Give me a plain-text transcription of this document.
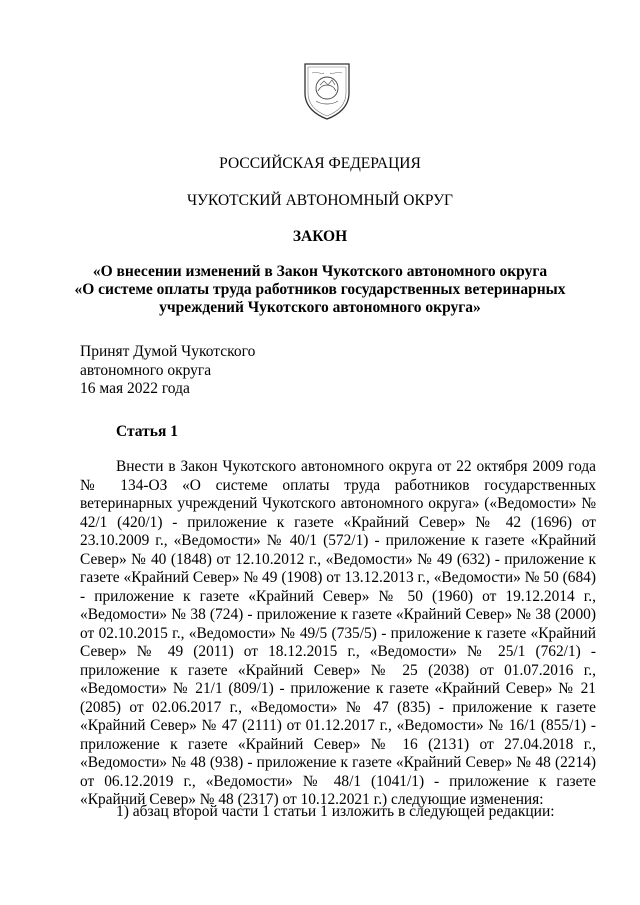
РОССИЙСКАЯ ФЕДЕРАЦИЯ
ЧУКОТСКИЙ АВТОНОМНЫЙ ОКРУГ
ЗАКОН
«О внесении изменений в Закон Чукотского автономного округа
«О системе оплаты труда работников государственных ветеринарных
учреждений Чукотского автономного округа»
Принят Думой Чукотского
автономного округа
16 мая 2022 года
Статья 1
Внести в Закон Чукотского автономного округа от 22 октября 2009 года № 134-ОЗ «О системе оплаты труда работников государственных ветеринарных учреждений Чукотского автономного округа» («Ведомости» № 42/1 (420/1) - приложение к газете «Крайний Север» № 42 (1696) от 23.10.2009 г., «Ведомости» № 40/1 (572/1) - приложение к газете «Крайний Север» № 40 (1848) от 12.10.2012 г., «Ведомости» № 49 (632) - приложение к газете «Крайний Север» № 49 (1908) от 13.12.2013 г., «Ведомости» № 50 (684) - приложение к газете «Крайний Север» № 50 (1960) от 19.12.2014 г., «Ведомости» № 38 (724) - приложение к газете «Крайний Север» № 38 (2000) от 02.10.2015 г., «Ведомости» № 49/5 (735/5) - приложение к газете «Крайний Север» № 49 (2011) от 18.12.2015 г., «Ведомости» № 25/1 (762/1) - приложение к газете «Крайний Север» № 25 (2038) от 01.07.2016 г., «Ведомости» № 21/1 (809/1) - приложение к газете «Крайний Север» № 21 (2085) от 02.06.2017 г., «Ведомости» № 47 (835) - приложение к газете «Крайний Север» № 47 (2111) от 01.12.2017 г., «Ведомости» № 16/1 (855/1) - приложение к газете «Крайний Север» № 16 (2131) от 27.04.2018 г., «Ведомости» № 48 (938) - приложение к газете «Крайний Север» № 48 (2214) от 06.12.2019 г., «Ведомости» № 48/1 (1041/1) - приложение к газете «Крайний Север» № 48 (2317) от 10.12.2021 г.) следующие изменения:
1) абзац второй части 1 статьи 1 изложить в следующей редакции:
